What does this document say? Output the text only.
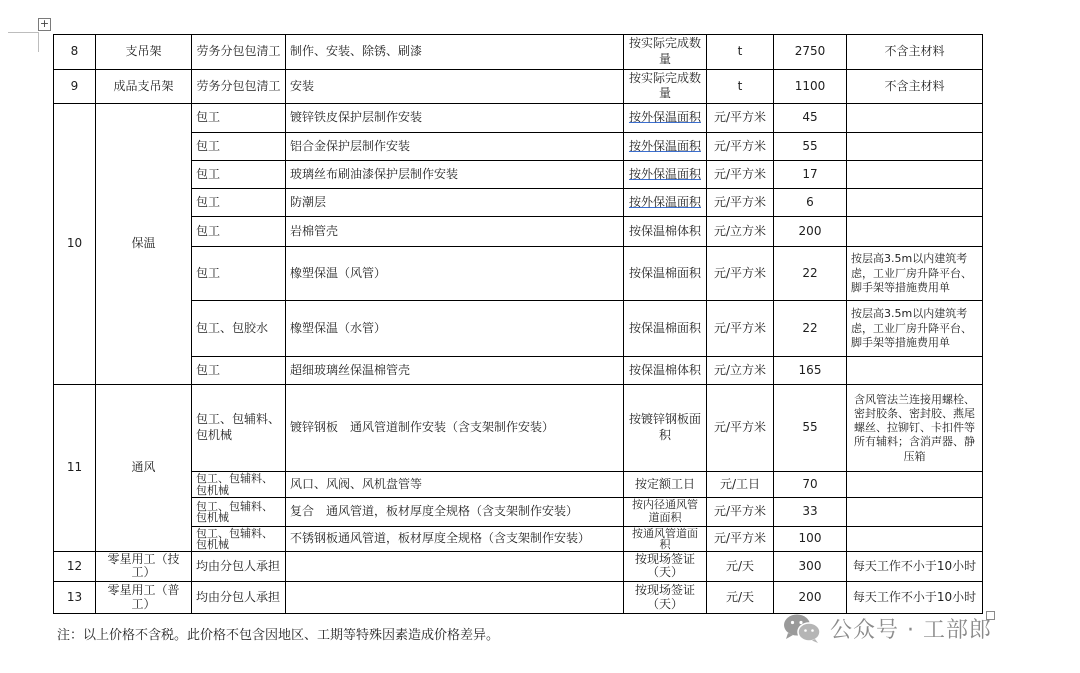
+
8	支吊架	劳务分包包清工	制作、安装、除锈、刷漆	按实际完成数量	t	2750	不含主材料
9	成品支吊架	劳务分包包清工	安装	按实际完成数量	t	1100	不含主材料
10	保温	包工	镀锌铁皮保护层制作安装	按外保温面积	元/平方米	45	
		包工	铝合金保护层制作安装	按外保温面积	元/平方米	55	
		包工	玻璃丝布刷油漆保护层制作安装	按外保温面积	元/平方米	17	
		包工	防潮层	按外保温面积	元/平方米	6	
		包工	岩棉管壳	按保温棉体积	元/立方米	200	
		包工	橡塑保温（风管）	按保温棉面积	元/平方米	22	按层高3.5m以内建筑考虑，工业厂房升降平台、脚手架等措施费用单
		包工、包胶水	橡塑保温（水管）	按保温棉面积	元/平方米	22	按层高3.5m以内建筑考虑，工业厂房升降平台、脚手架等措施费用单
		包工	超细玻璃丝保温棉管壳	按保温棉体积	元/立方米	165	
11	通风	包工、包辅料、包机械	镀锌钢板　通风管道制作安装（含支架制作安装）	按镀锌钢板面积	元/平方米	55	含风管法兰连接用螺栓、密封胶条、密封胶、燕尾螺丝、拉铆钉、卡扣件等所有辅料；含消声器、静压箱
		包工、包辅料、包机械	风口、风阀、风机盘管等	按定额工日	元/工日	70	
		包工、包辅料、包机械	复合　通风管道，板材厚度全规格（含支架制作安装）	按内径通风管道面积	元/平方米	33	
		包工、包辅料、包机械	不锈钢板通风管道，板材厚度全规格（含支架制作安装）	按通风管道面积	元/平方米	100	
12	零星用工（技工）	均由分包人承担		按现场签证（天）	元/天	300	每天工作不小于10小时
13	零星用工（普工）	均由分包人承担		按现场签证（天）	元/天	200	每天工作不小于10小时
注：以上价格不含税。此价格不包含因地区、工期等特殊因素造成价格差异。	公众号 · 工部郎
